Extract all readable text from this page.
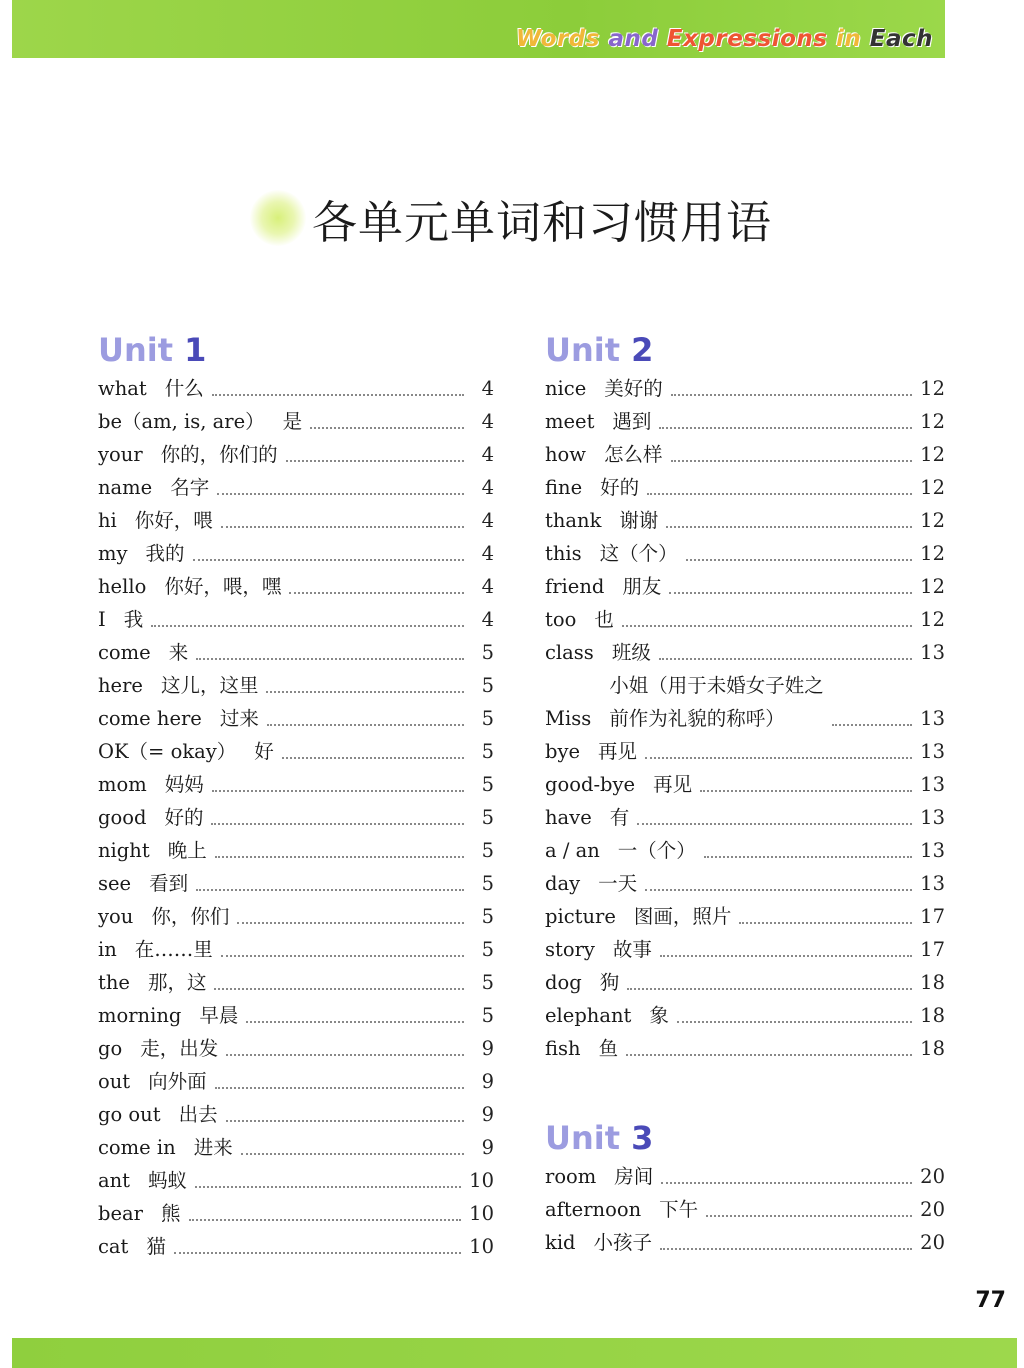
Words and Expressions in Each
各单元单词和习惯用语
Unit 1
what 什么	4
be（am, is, are） 是	4
your 你的，你们的	4
name 名字	4
hi 你好，喂	4
my 我的	4
hello 你好，喂，嘿	4
I 我	4
come 来	5
here 这儿，这里	5
come here 过来	5
OK（= okay） 好	5
mom 妈妈	5
good 好的	5
night 晚上	5
see 看到	5
you 你，你们	5
in 在……里	5
the 那，这	5
morning 早晨	5
go 走，出发	9
out 向外面	9
go out 出去	9
come in 进来	9
ant 蚂蚁	10
bear 熊	10
cat 猫	10
Unit 2
nice 美好的	12
meet 遇到	12
how 怎么样	12
fine 好的	12
thank 谢谢	12
this 这（个）	12
friend 朋友	12
too 也	12
class 班级	13
Miss
小姐（用于未婚女子姓之
前作为礼貌的称呼）	13
bye 再见	13
good-bye 再见	13
have 有	13
a / an 一（个）	13
day 一天	13
picture 图画，照片	17
story 故事	17
dog 狗	18
elephant 象	18
fish 鱼	18
Unit 3
room 房间	20
afternoon 下午	20
kid 小孩子	20
77
